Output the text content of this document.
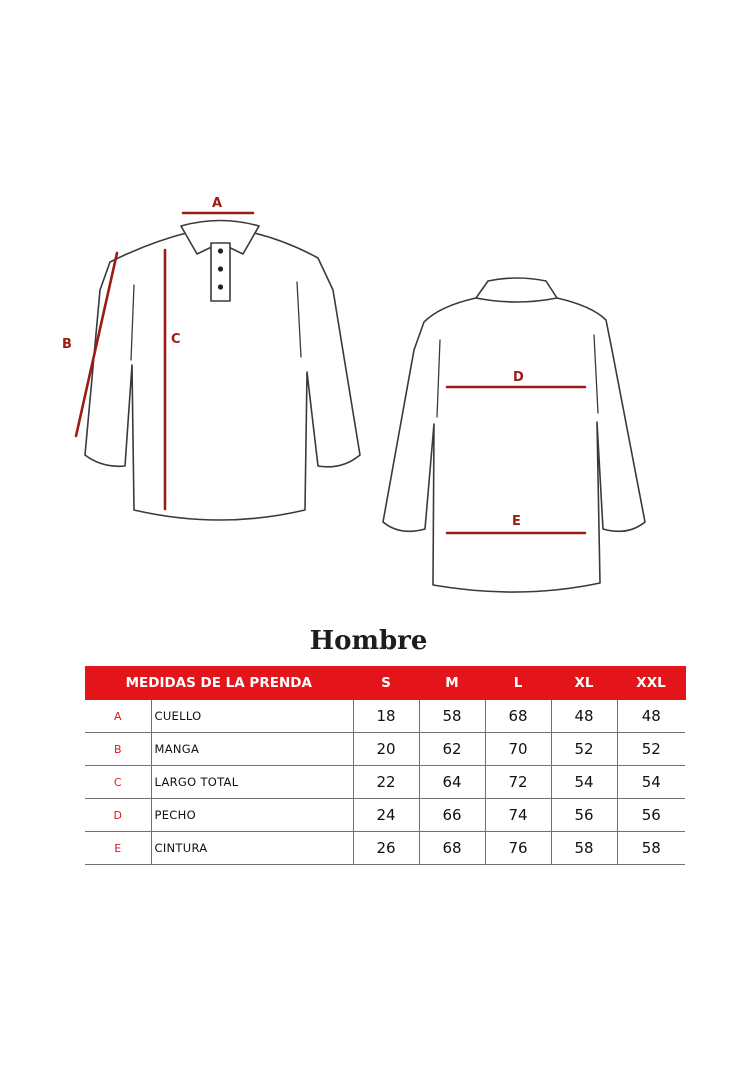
A
B	C
D
E
Hombre
MEDIDAS DE LA PRENDA		S	M	L	XL	XXL
A	CUELLO	18	58	68	48	48
B	MANGA	20	62	70	52	52
C	LARGO TOTAL	22	64	72	54	54
D	PECHO	24	66	74	56	56
E	CINTURA	26	68	76	58	58
